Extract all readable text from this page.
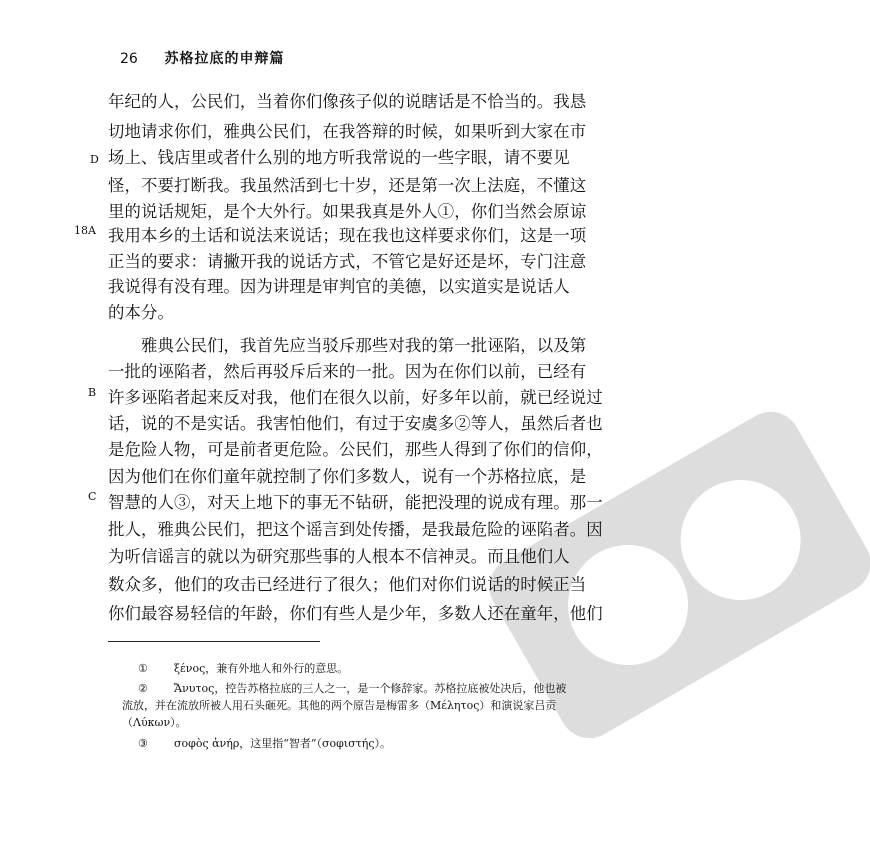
26 苏格拉底的申辩篇
D
18A
B
C
年纪的人，公民们，当着你们像孩子似的说瞎话是不恰当的。我恳
切地请求你们，雅典公民们，在我答辩的时候，如果听到大家在市
场上、钱店里或者什么别的地方听我常说的一些字眼，请不要见
怪，不要打断我。我虽然活到七十岁，还是第一次上法庭，不懂这
里的说话规矩，是个大外行。如果我真是外人①，你们当然会原谅
我用本乡的土话和说法来说话；现在我也这样要求你们，这是一项
正当的要求：请撇开我的说话方式，不管它是好还是坏，专门注意
我说得有没有理。因为讲理是审判官的美德，以实道实是说话人
的本分。
　　雅典公民们，我首先应当驳斥那些对我的第一批诬陷，以及第
一批的诬陷者，然后再驳斥后来的一批。因为在你们以前，已经有
许多诬陷者起来反对我，他们在很久以前，好多年以前，就已经说过
话，说的不是实话。我害怕他们，有过于安虞多②等人，虽然后者也
是危险人物，可是前者更危险。公民们，那些人得到了你们的信仰，
因为他们在你们童年就控制了你们多数人，说有一个苏格拉底，是
智慧的人③，对天上地下的事无不钻研，能把没理的说成有理。那一
批人，雅典公民们，把这个谣言到处传播，是我最危险的诬陷者。因
为听信谣言的就以为研究那些事的人根本不信神灵。而且他们人
数众多，他们的攻击已经进行了很久；他们对你们说话的时候正当
你们最容易轻信的年龄，你们有些人是少年，多数人还在童年，他们
① ξένος，兼有外地人和外行的意思。
② Ἄνυτος，控告苏格拉底的三人之一，是一个修辞家。苏格拉底被处决后，他也被
流放，并在流放所被人用石头砸死。其他的两个原告是梅雷多（Μέλητος）和演说家吕贡
（Λύκων）。
③ σοφὸς ἀνήρ，这里指“智者”（σοφιστής）。
